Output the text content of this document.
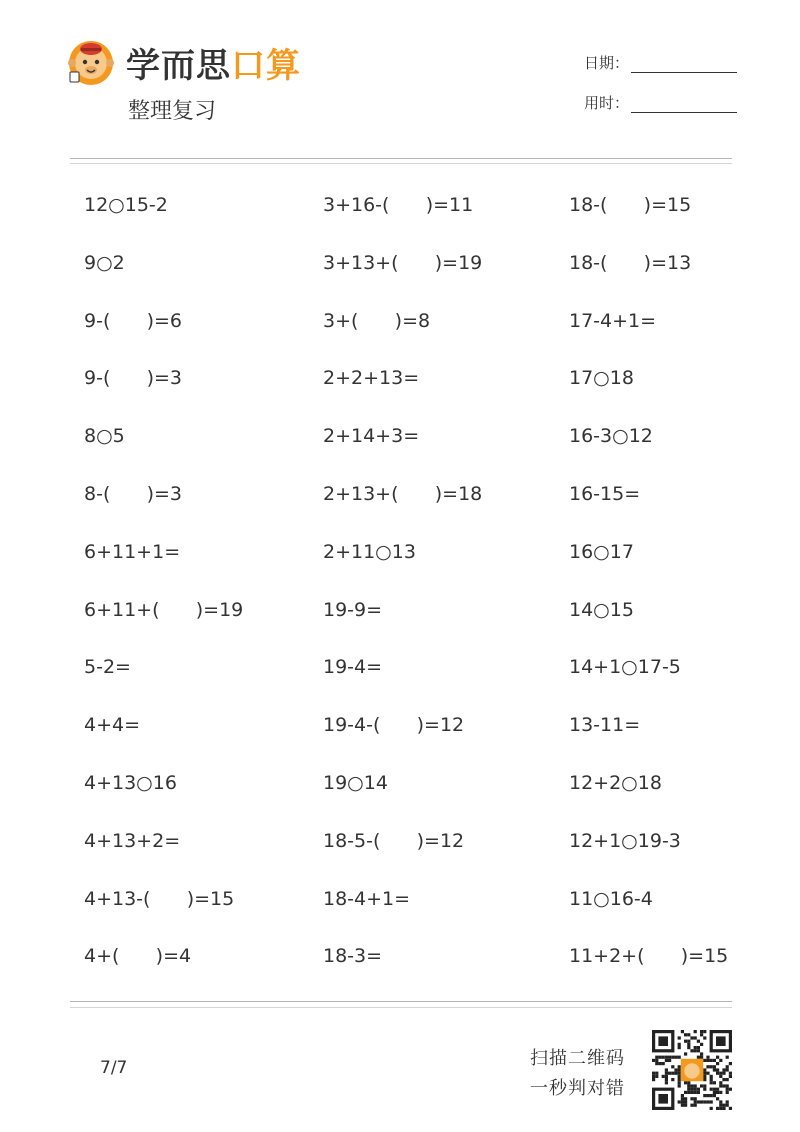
学而思口算
整理复习
日期：
用时：
12○15-2	3+16-(      )=11	18-(      )=15
9○2	3+13+(      )=19	18-(      )=13
9-(      )=6	3+(      )=8	17-4+1=
9-(      )=3	2+2+13=	17○18
8○5	2+14+3=	16-3○12
8-(      )=3	2+13+(      )=18	16-15=
6+11+1=	2+11○13	16○17
6+11+(      )=19	19-9=	14○15
5-2=	19-4=	14+1○17-5
4+4=	19-4-(      )=12	13-11=
4+13○16	19○14	12+2○18
4+13+2=	18-5-(      )=12	12+1○19-3
4+13-(      )=15	18-4+1=	11○16-4
4+(      )=4	18-3=	11+2+(      )=15
7/7	扫描二维码
一秒判对错
